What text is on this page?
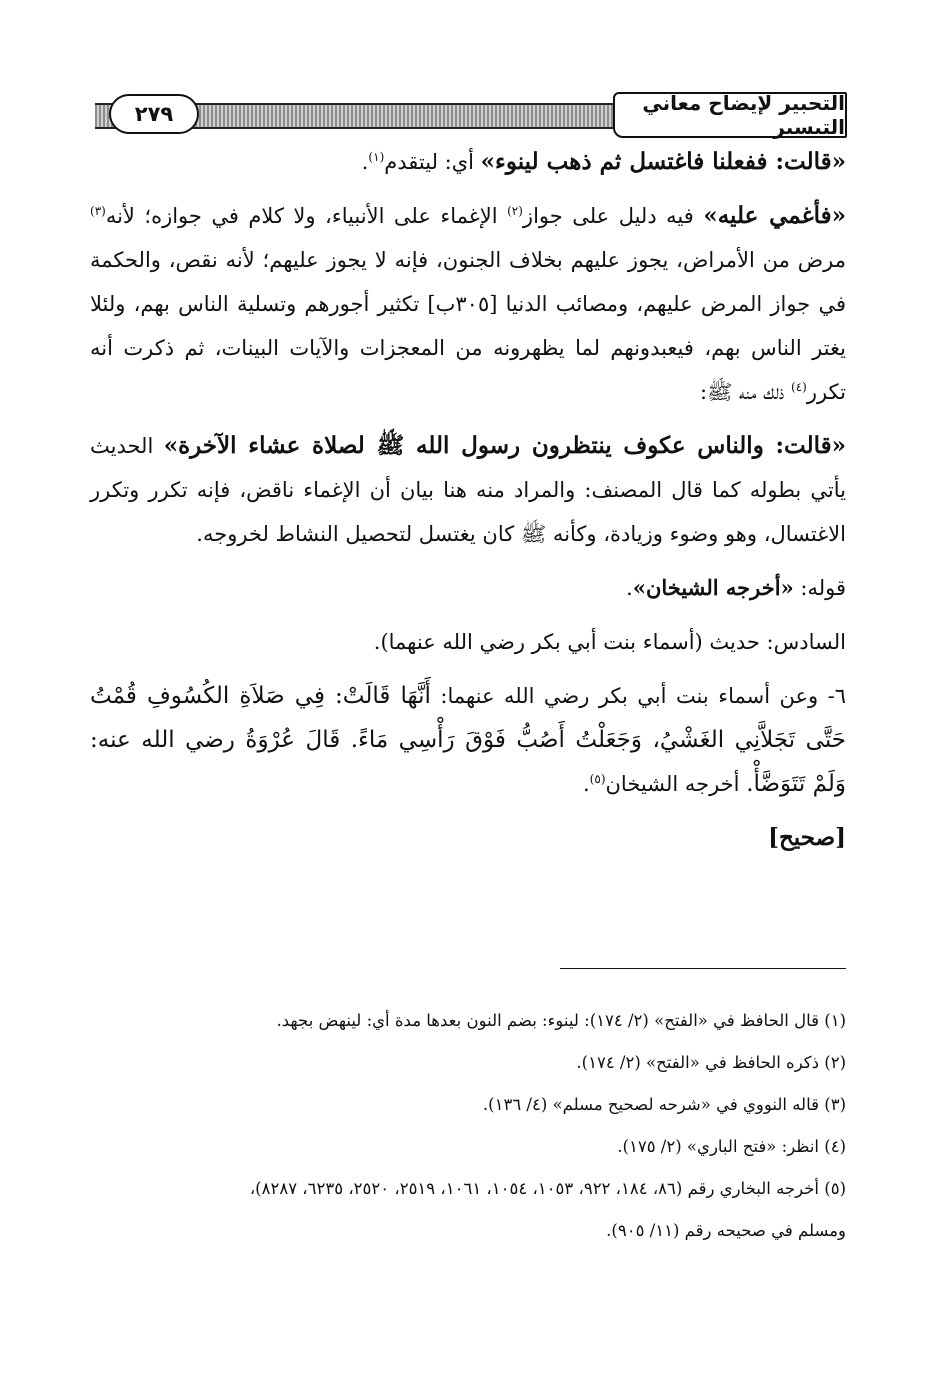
التحبير لإيضاح معاني التيسير
٢٧٩

«قالت: ففعلنا فاغتسل ثم ذهب لينوء» أي: ليتقدم$^{(١)}$.

«فأغمي عليه» فيه دليل على جواز$^{(٢)}$ الإغماء على الأنبياء، ولا كلام في جوازه؛ لأنه$^{(٣)}$ مرض من الأمراض، يجوز عليهم بخلاف الجنون، فإنه لا يجوز عليهم؛ لأنه نقص، والحكمة في جواز المرض عليهم، ومصائب الدنيا [٣٠٥ب] تكثير أجورهم وتسلية الناس بهم، ولئلا يغتر الناس بهم، فيعبدونهم لما يظهرونه من المعجزات والآيات البينات، ثم ذكرت أنه تكرر$^{(٤)}$ ذلك منه ﷺ:

«قالت: والناس عكوف ينتظرون رسول الله ﷺ لصلاة عشاء الآخرة» الحديث يأتي بطوله كما قال المصنف: والمراد منه هنا بيان أن الإغماء ناقض، فإنه تكرر وتكرر الاغتسال، وهو وضوء وزيادة، وكأنه ﷺ كان يغتسل لتحصيل النشاط لخروجه.

قوله: «أخرجه الشيخان».

السادس: حديث (أسماء بنت أبي بكر رضي الله عنهما).

٦- وعن أسماء بنت أبي بكر رضي الله عنهما: أَنَّهَا قَالَتْ: فِي صَلاَةِ الكُسُوفِ قُمْتُ حَتَّى تَجَلاَّنِي الغَشْيُ، وَجَعَلْتُ أَصُبُّ فَوْقَ رَأْسِي مَاءً. قَالَ عُرْوَةُ رضي الله عنه: وَلَمْ تَتَوَضَّأْ. أخرجه الشيخان$^{(٥)}$.

[صحيح]

(١) قال الحافظ في «الفتح» (٢/ ١٧٤): لينوء: بضم النون بعدها مدة أي: لينهض بجهد.
(٢) ذكره الحافظ في «الفتح» (٢/ ١٧٤).
(٣) قاله النووي في «شرحه لصحيح مسلم» (٤/ ١٣٦).
(٤) انظر: «فتح الباري» (٢/ ١٧٥).
(٥) أخرجه البخاري رقم (٨٦، ١٨٤، ٩٢٢، ١٠٥٣، ١٠٥٤، ١٠٦١، ٢٥١٩، ٢٥٢٠، ٦٢٣٥، ٨٢٨٧)،
ومسلم في صحيحه رقم (١١/ ٩٠٥).
